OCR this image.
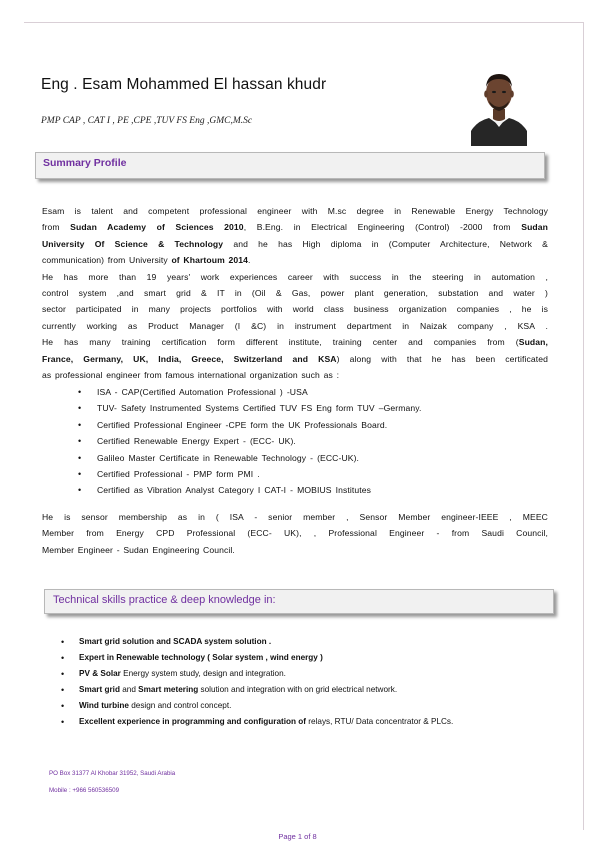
Eng . Esam Mohammed El hassan khudr
PMP CAP , CAT I , PE ,CPE ,TUV FS Eng ,GMC,M.Sc
Summary Profile
Esam is talent and competent professional engineer with M.sc degree in Renewable Energy Technology
from Sudan Academy of Sciences 2010, B.Eng. in Electrical Engineering (Control) -2000 from Sudan
University Of Science & Technology and he has High diploma in (Computer Architecture, Network &
communication) from University of Khartoum 2014.
He has more than 19 years' work experiences career with success in the steering in automation ,
control system ,and smart grid & IT in (Oil & Gas, power plant generation, substation and water )
sector participated in many projects portfolios with world class business organization companies , he is
currently working as Product Manager (I &C) in instrument department in Naizak company , KSA .
He has many training certification form different institute, training center and companies from (Sudan,
France, Germany, UK, India, Greece, Switzerland and KSA) along with that he has been certificated
as professional engineer from famous international organization such as :
• ISA - CAP(Certified Automation Professional ) -USA
• TUV- Safety Instrumented Systems Certified TUV FS Eng form TUV –Germany.
• Certified Professional Engineer -CPE form the UK Professionals Board.
• Certified Renewable Energy Expert - (ECC- UK).
• Galileo Master Certificate in Renewable Technology - (ECC-UK).
• Certified Professional - PMP form PMI .
• Certified as Vibration Analyst Category I CAT-I - MOBIUS Institutes
He is sensor membership as in ( ISA - senior member , Sensor Member engineer-IEEE , MEEC
Member from Energy CPD Professional (ECC- UK), , Professional Engineer - from Saudi Council,
Member Engineer - Sudan Engineering Council.
Technical skills practice & deep knowledge in:
• Smart grid solution and SCADA system solution .
• Expert in Renewable technology ( Solar system , wind energy )
• PV & Solar Energy system study, design and integration.
• Smart grid and Smart metering solution and integration with on grid electrical network.
• Wind turbine design and control concept.
• Excellent experience in programming and configuration of relays, RTU/ Data concentrator & PLCs.
PO Box 31377 Al Khobar 31952, Saudi Arabia
Mobile : +966 560536509
Page 1 of 8
